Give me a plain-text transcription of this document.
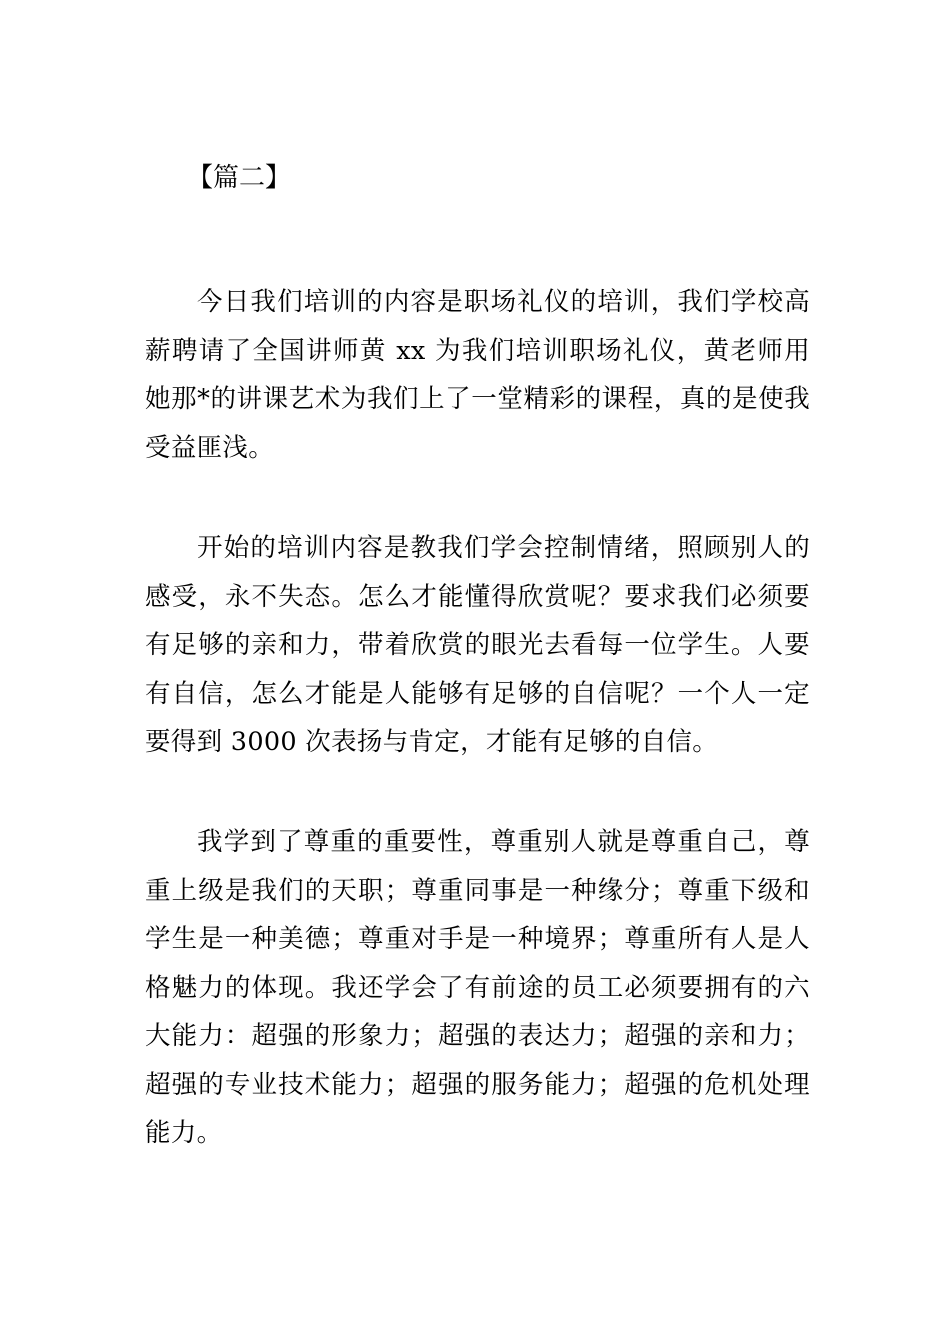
【篇二】

今日我们培训的内容是职场礼仪的培训，我们学校高薪聘请了全国讲师黄 xx 为我们培训职场礼仪，黄老师用她那*的讲课艺术为我们上了一堂精彩的课程，真的是使我受益匪浅。

开始的培训内容是教我们学会控制情绪，照顾别人的感受，永不失态。怎么才能懂得欣赏呢？要求我们必须要有足够的亲和力，带着欣赏的眼光去看每一位学生。人要有自信，怎么才能是人能够有足够的自信呢？一个人一定要得到 3000 次表扬与肯定，才能有足够的自信。

我学到了尊重的重要性，尊重别人就是尊重自己，尊重上级是我们的天职；尊重同事是一种缘分；尊重下级和学生是一种美德；尊重对手是一种境界；尊重所有人是人格魅力的体现。我还学会了有前途的员工必须要拥有的六大能力：超强的形象力；超强的表达力；超强的亲和力；超强的专业技术能力；超强的服务能力；超强的危机处理能力。
